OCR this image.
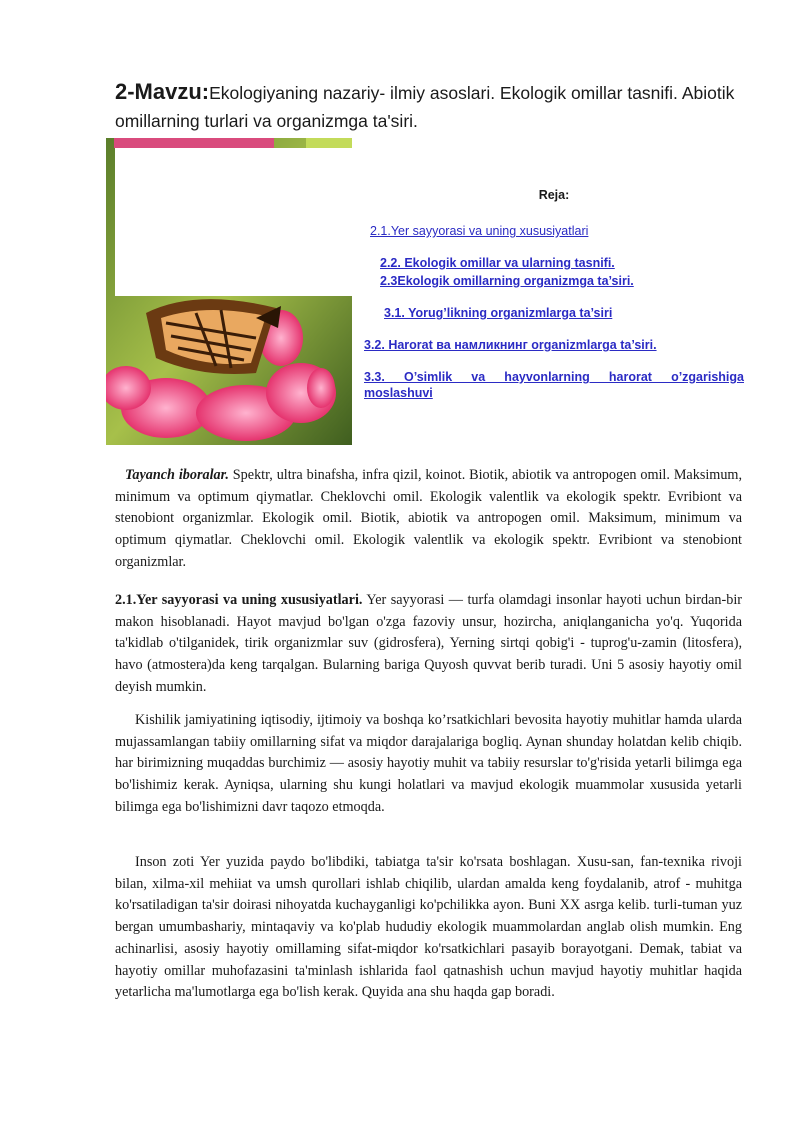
2-Mavzu:Ekologiyaning nazariy- ilmiy asoslari. Ekologik omillar tasnifi. Abiotik omillarning turlari va organizmga ta'siri.
Reja:
2.1.Yer sayyorasi va uning xususiyatlari
2.2. Ekologik omillar va ularning tasnifi.
2.3Ekologik omillarning organizmga ta’siri.
3.1. Yorug’likning organizmlarga ta’siri
3.2. Harorat ва намликнинг organizmlarga ta’siri.
3.3. O’simlik va hayvonlarning harorat o’zgarishiga
moslashuvi
Tayanch iboralar. Spektr, ultra binafsha, infra qizil, koinot. Biotik, abiotik va antropogen omil. Maksimum, minimum va optimum qiymatlar. Cheklovchi omil. Ekologik valentlik va ekologik spektr. Evribiont va stenobiont organizmlar. Ekologik omil. Biotik, abiotik va antropogen omil. Maksimum, minimum va optimum qiymatlar. Cheklovchi omil. Ekologik valentlik va ekologik spektr. Evribiont va stenobiont organizmlar.
2.1.Yer sayyorasi va uning xususiyatlari. Yer sayyorasi — turfa olamdagi insonlar hayoti uchun birdan-bir makon hisoblanadi. Hayot mavjud bo'lgan o'zga fazoviy unsur, hozircha, aniqlanganicha yo'q. Yuqorida ta'kidlab o'tilganidek, tirik organizmlar suv (gidrosfera), Yerning sirtqi qobig'i - tuprog'u-zamin (litosfera), havo (atmostera)da keng tarqalgan. Bularning bariga Quyosh quvvat berib turadi. Uni 5 asosiy hayotiy omil deyish mumkin.
Kishilik jamiyatining iqtisodiy, ijtimoiy va boshqa ko’rsatkichlari bevosita hayotiy muhitlar hamda ularda mujassamlangan tabiiy omillarning sifat va miqdor darajalariga bogliq. Aynan shunday holatdan kelib chiqib. har birimizning muqaddas burchimiz — asosiy hayotiy muhit va tabiiy resurslar to'g'risida yetarli bilimga ega bo'lishimiz kerak. Ayniqsa, ularning shu kungi holatlari va mavjud ekologik muammolar xususida yetarli bilimga ega bo'lishimizni davr taqozo etmoqda.
Inson zoti Yer yuzida paydo bo'libdiki, tabiatga ta'sir ko'rsata boshlagan. Xusu-san, fan-texnika rivoji bilan, xilma-xil mehiiat va umsh qurollari ishlab chiqilib, ulardan amalda keng foydalanib, atrof - muhitga ko'rsatiladigan ta'sir doirasi nihoyatda kuchayganligi ko'pchilikka ayon. Buni XX asrga kelib. turli-tuman yuz bergan umumbashariy, mintaqaviy va ko'plab hududiy ekologik muammolardan anglab olish mumkin. Eng achinarlisi, asosiy hayotiy omillaming sifat-miqdor ko'rsatkichlari pasayib borayotgani. Demak, tabiat va hayotiy omillar muhofazasini ta'minlash ishlarida faol qatnashish uchun mavjud hayotiy muhitlar haqida yetarlicha ma'lumotlarga ega bo'lish kerak. Quyida ana shu haqda gap boradi.
